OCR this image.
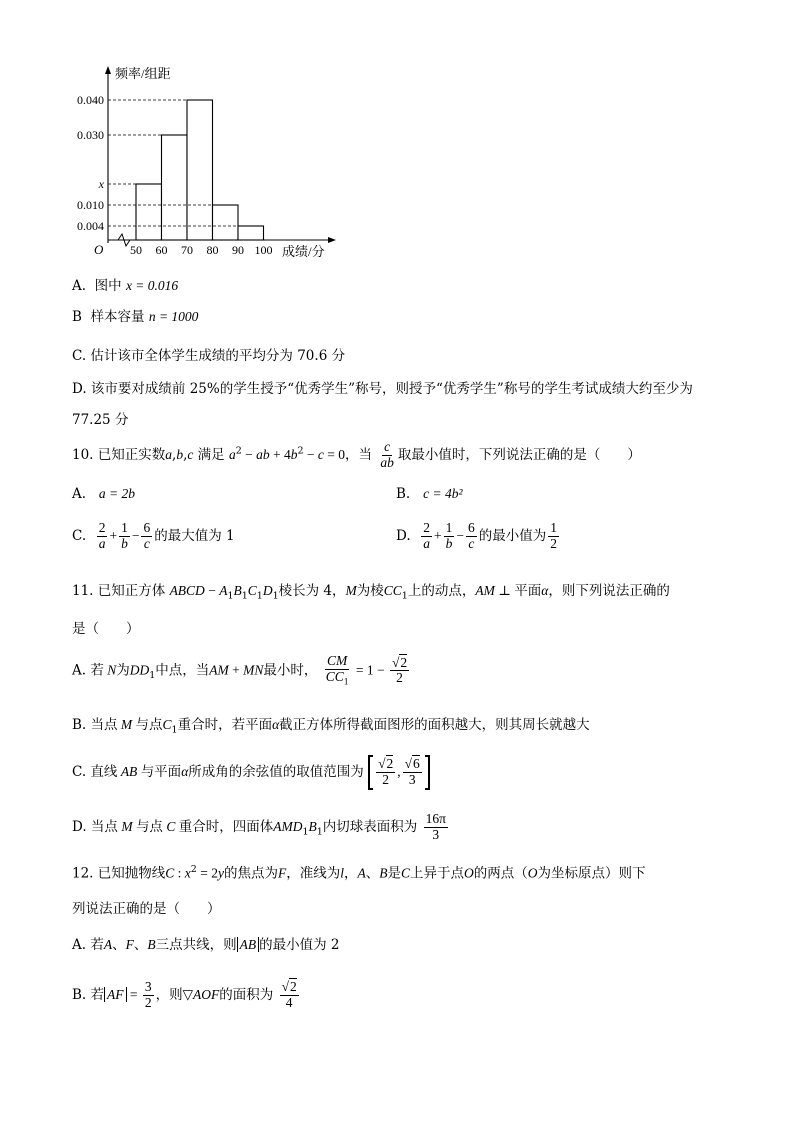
频率/组距
成绩/分
O
0.040
0.030
x
0.010
0.004
50 60 70 80 90 100
A. 图中 x = 0.016
B 样本容量 n = 1000
C. 估计该市全体学生成绩的平均分为 70.6 分
D. 该市要对成绩前 25%的学生授予“优秀学生”称号，则授予“优秀学生”称号的学生考试成绩大约至少为
77.25 分
10. 已知正实数a,b,c 满足 $a^2$ − ab + $4b^2 - c = 0$，当 $\frac{c}{ab}$ 取最小值时，下列说法正确的是（　　）
A. a = 2b	B. c = 4b²
C. $\frac{2}{a} + \frac{1}{b} - \frac{6}{c}$ 的最大值为 1	D. $\frac{2}{a} + \frac{1}{b} - \frac{6}{c}$ 的最小值为 $\frac{1}{2}$
11. 已知正方体 ABCD − $A_1B_1C_1D_1$棱长为 4，M为棱$CC_1$上的动点，AM ⊥ 平面α，则下列说法正确的
是（　　）
A. 若 N为$DD_1$中点，当AM + MN最小时， $\frac{CM}{CC_1} = 1 - \frac{√2}{2}$
B. 当点 M 与点$C_1$重合时，若平面α截正方体所得截面图形的面积越大，则其周长就越大
C. 直线 AB 与平面α所成角的余弦值的取值范围为 $\frac{√2}{2}$ , $\frac{√6}{3}$
D. 当点 M 与点 C 重合时，四面体$AMD_1B_1$内切球表面积为 $\frac{16\pi}{3}$
12. 已知抛物线C : $x^2 = 2y$的焦点为F，准线为l，A、B是C上异于点O的两点（O为坐标原点）则下
列说法正确的是（　　）
A. 若A、F、B三点共线，则 AB 的最小值为 2
B. 若 AF = $\frac{3}{2}$ ，则▽AOF的面积为 $\frac{√2}{4}$
